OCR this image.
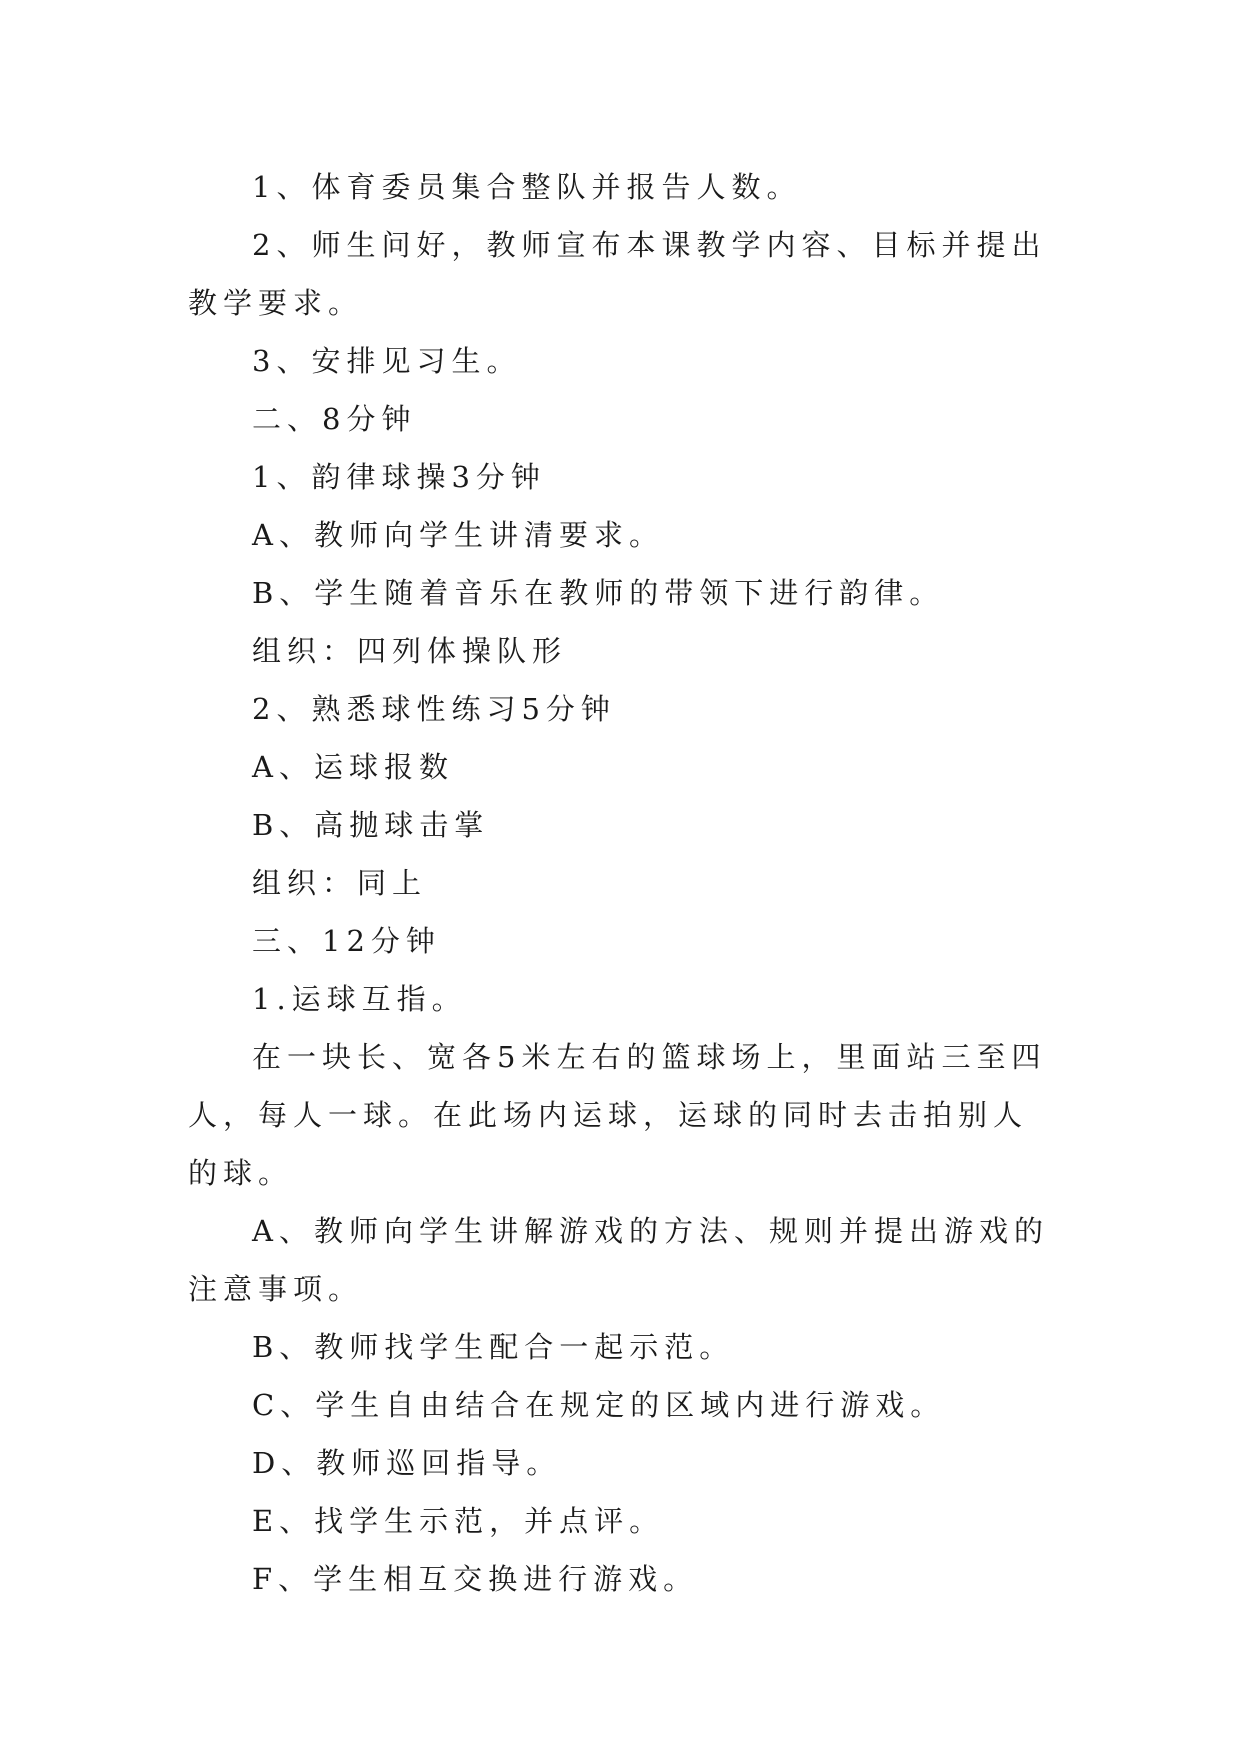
1、体育委员集合整队并报告人数。

2、师生问好，教师宣布本课教学内容、目标并提出教学要求。

3、安排见习生。

二、8分钟

1、韵律球操3分钟

A、教师向学生讲清要求。

B、学生随着音乐在教师的带领下进行韵律。

组织：四列体操队形

2、熟悉球性练习5分钟

A、运球报数

B、高抛球击掌

组织：同上

三、12分钟

1.运球互指。

在一块长、宽各5米左右的篮球场上，里面站三至四人，每人一球。在此场内运球，运球的同时去击拍别人的球。

A、教师向学生讲解游戏的方法、规则并提出游戏的注意事项。

B、教师找学生配合一起示范。

C、学生自由结合在规定的区域内进行游戏。

D、教师巡回指导。

E、找学生示范，并点评。

F、学生相互交换进行游戏。
